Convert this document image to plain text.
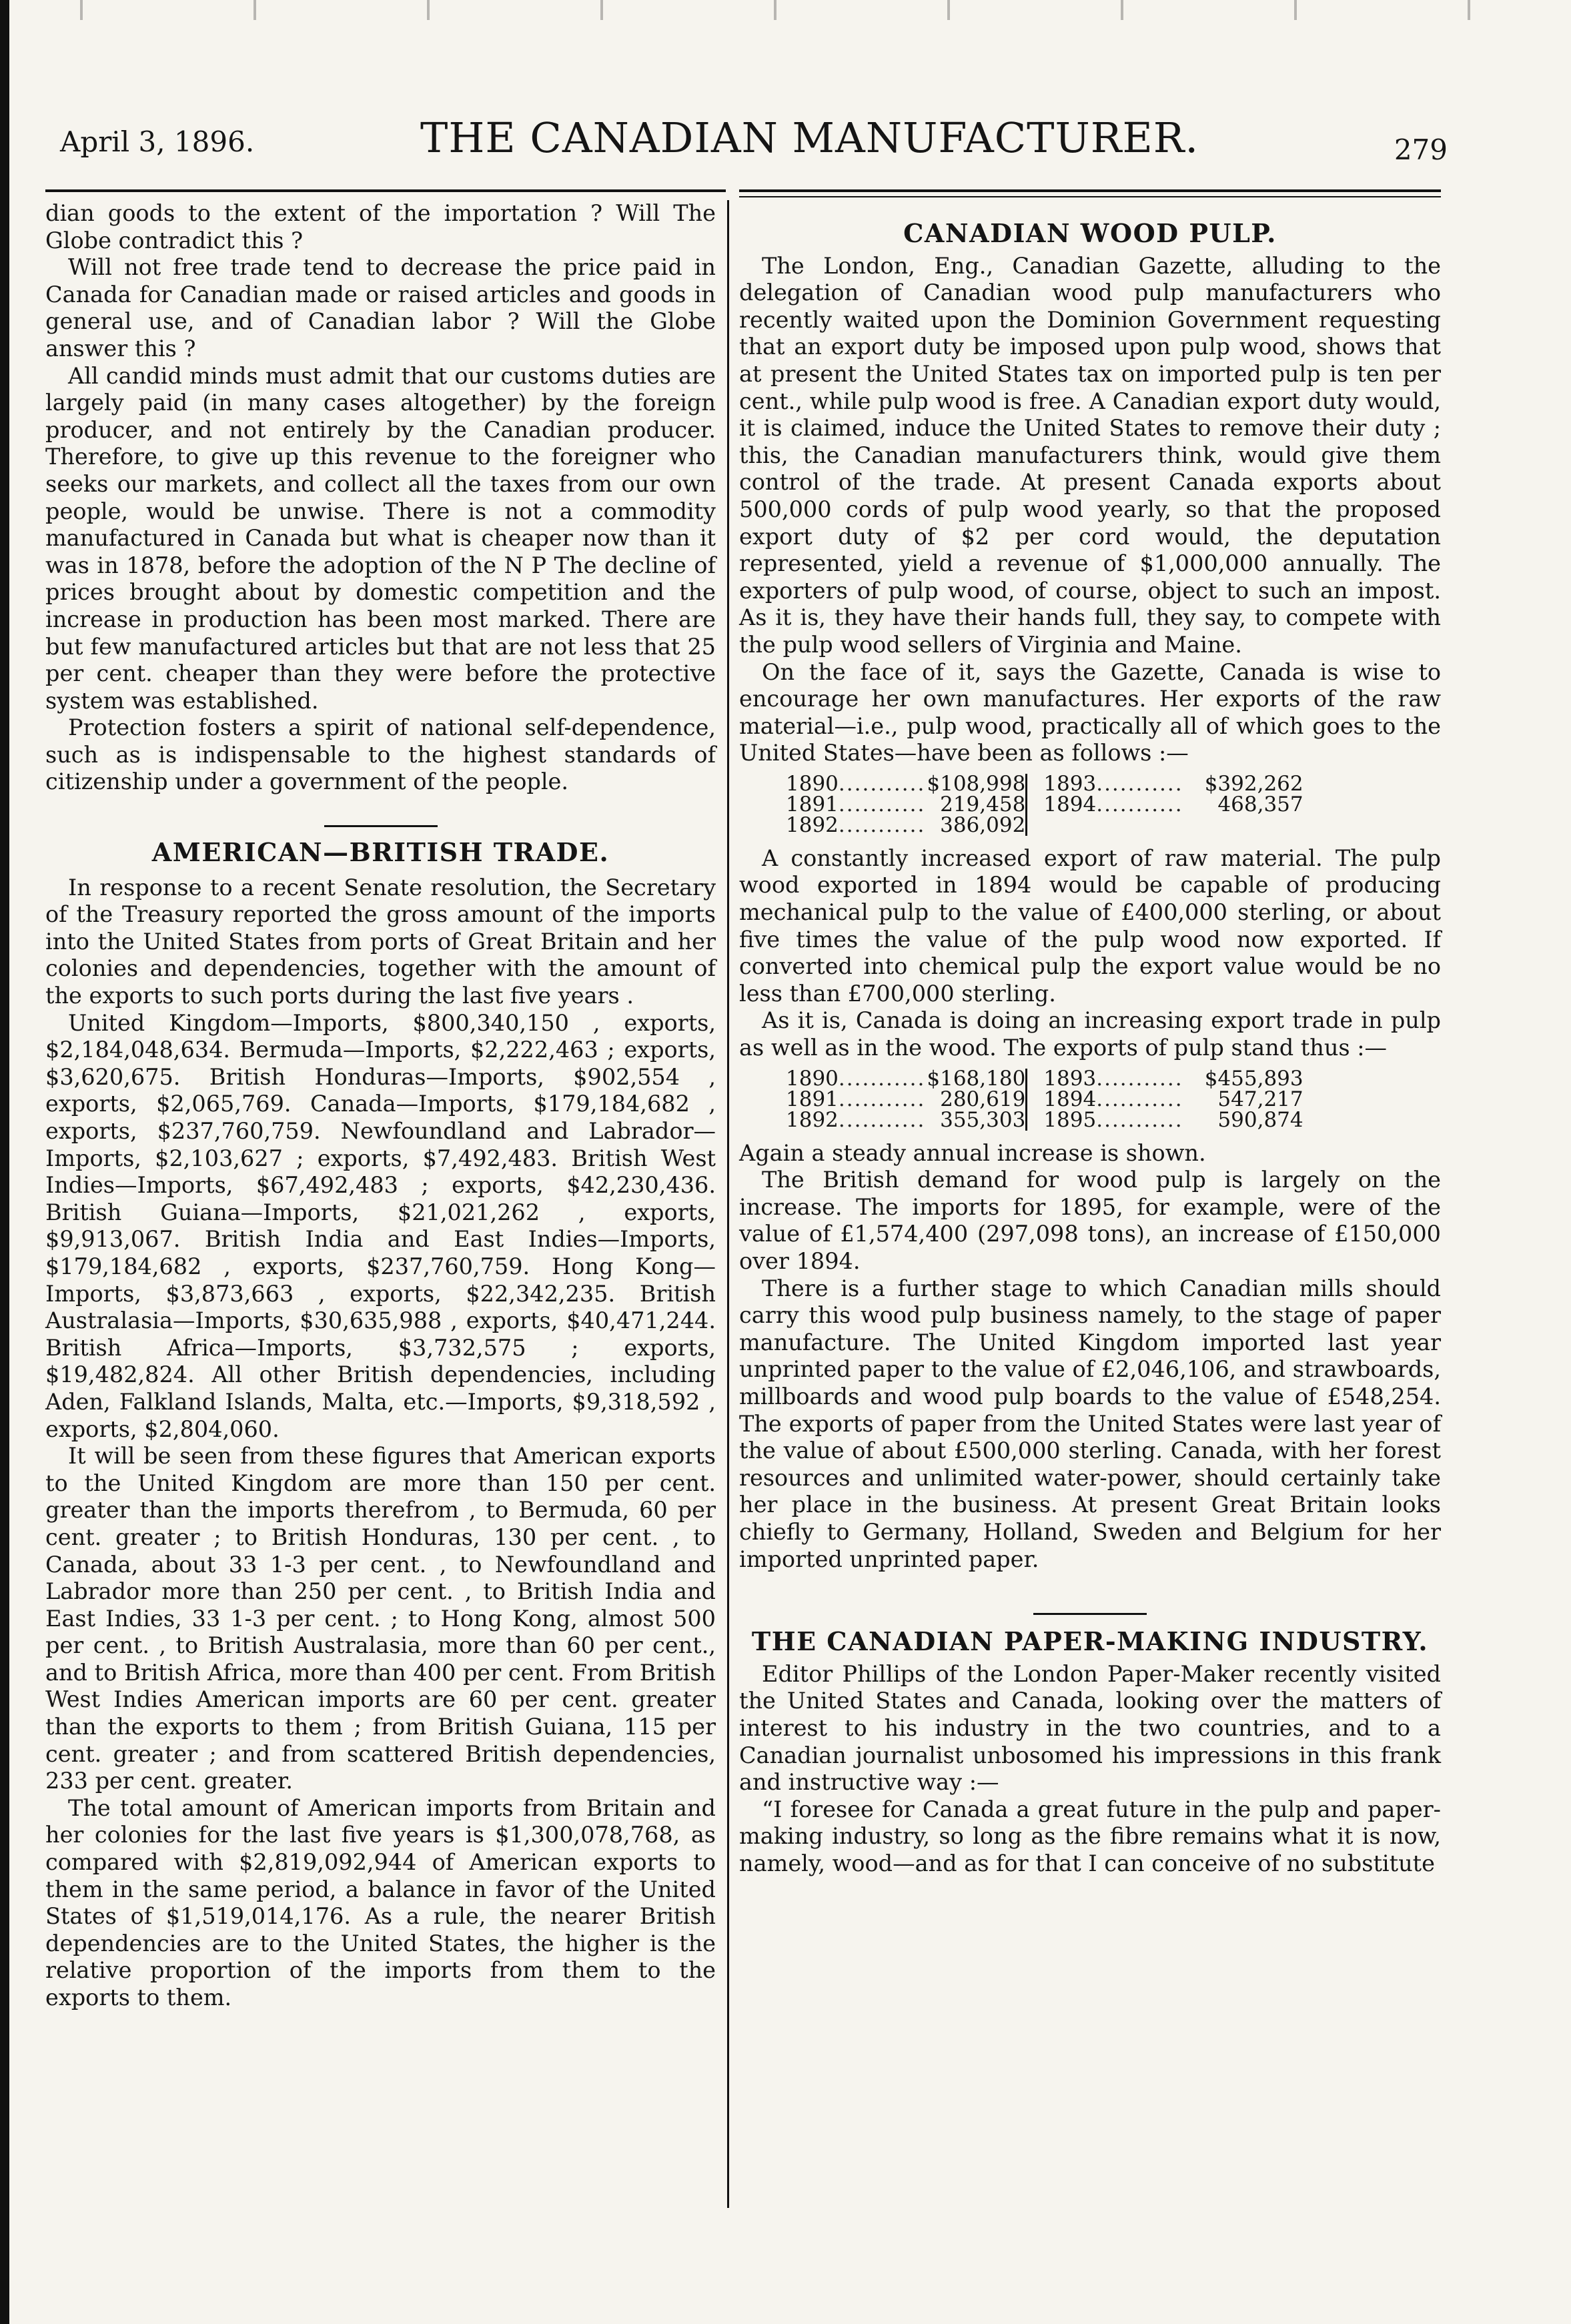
April 3, 1896.	THE CANADIAN MANUFACTURER.	279

dian goods to the extent of the importation ? Will The Globe contradict this ?

Will not free trade tend to decrease the price paid in Canada for Canadian made or raised articles and goods in general use, and of Canadian labor ? Will the Globe answer this ?

All candid minds must admit that our customs duties are largely paid (in many cases altogether) by the foreign producer, and not entirely by the Canadian producer. Therefore, to give up this revenue to the foreigner who seeks our markets, and collect all the taxes from our own people, would be unwise. There is not a commodity manufactured in Canada but what is cheaper now than it was in 1878, before the adoption of the N P The decline of prices brought about by domestic competition and the increase in production has been most marked. There are but few manufactured articles but that are not less that 25 per cent. cheaper than they were before the protective system was established.

Protection fosters a spirit of national self-dependence, such as is indispensable to the highest standards of citizenship under a government of the people.

AMERICAN—BRITISH TRADE.

In response to a recent Senate resolution, the Secretary of the Treasury reported the gross amount of the imports into the United States from ports of Great Britain and her colonies and dependencies, together with the amount of the exports to such ports during the last five years .

United Kingdom—Imports, $800,340,150 , exports, $2,184,048,634. Bermuda—Imports, $2,222,463 ; exports, $3,620,675. British Honduras—Imports, $902,554 , exports, $2,065,769. Canada—Imports, $179,184,682 , exports, $237,760,759. Newfoundland and Labrador—Imports, $2,103,627 ; exports, $7,492,483. British West Indies—Imports, $67,492,483 ; exports, $42,230,436. British Guiana—Imports, $21,021,262 , exports, $9,913,067. British India and East Indies—Imports, $179,184,682 , exports, $237,760,759. Hong Kong—Imports, $3,873,663 , exports, $22,342,235. British Australasia—Imports, $30,635,988 , exports, $40,471,244. British Africa—Imports, $3,732,575 ; exports, $19,482,824. All other British dependencies, including Aden, Falkland Islands, Malta, etc.—Imports, $9,318,592 , exports, $2,804,060.

It will be seen from these figures that American exports to the United Kingdom are more than 150 per cent. greater than the imports therefrom , to Bermuda, 60 per cent. greater ; to British Honduras, 130 per cent. , to Canada, about 33 1-3 per cent. , to Newfoundland and Labrador more than 250 per cent. , to British India and East Indies, 33 1-3 per cent. ; to Hong Kong, almost 500 per cent. , to British Australasia, more than 60 per cent., and to British Africa, more than 400 per cent. From British West Indies American imports are 60 per cent. greater than the exports to them ; from British Guiana, 115 per cent. greater ; and from scattered British dependencies, 233 per cent. greater.

The total amount of American imports from Britain and her colonies for the last five years is $1,300,078,768, as compared with $2,819,092,944 of American exports to them in the same period, a balance in favor of the United States of $1,519,014,176. As a rule, the nearer British dependencies are to the United States, the higher is the relative proportion of the imports from them to the exports to them.

CANADIAN WOOD PULP.

The London, Eng., Canadian Gazette, alluding to the delegation of Canadian wood pulp manufacturers who recently waited upon the Dominion Government requesting that an export duty be imposed upon pulp wood, shows that at present the United States tax on imported pulp is ten per cent., while pulp wood is free. A Canadian export duty would, it is claimed, induce the United States to remove their duty ; this, the Canadian manufacturers think, would give them control of the trade. At present Canada exports about 500,000 cords of pulp wood yearly, so that the proposed export duty of $2 per cord would, the deputation represented, yield a revenue of $1,000,000 annually. The exporters of pulp wood, of course, object to such an impost. As it is, they have their hands full, they say, to compete with the pulp wood sellers of Virginia and Maine.

On the face of it, says the Gazette, Canada is wise to encourage her own manufactures. Her exports of the raw material—i.e., pulp wood, practically all of which goes to the United States—have been as follows :—

1890	...........	$108,998		1893	...........	$392,262
1891	...........	219,458		1894	...........	468,357
1892	...........	386,092				

A constantly increased export of raw material. The pulp wood exported in 1894 would be capable of producing mechanical pulp to the value of £400,000 sterling, or about five times the value of the pulp wood now exported. If converted into chemical pulp the export value would be no less than £700,000 sterling.

As it is, Canada is doing an increasing export trade in pulp as well as in the wood. The exports of pulp stand thus :—

1890	...........	$168,180		1893	...........	$455,893
1891	...........	280,619		1894	...........	547,217
1892	...........	355,303		1895	...........	590,874

Again a steady annual increase is shown.

The British demand for wood pulp is largely on the increase. The imports for 1895, for example, were of the value of £1,574,400 (297,098 tons), an increase of £150,000 over 1894.

There is a further stage to which Canadian mills should carry this wood pulp business namely, to the stage of paper manufacture. The United Kingdom imported last year unprinted paper to the value of £2,046,106, and strawboards, millboards and wood pulp boards to the value of £548,254. The exports of paper from the United States were last year of the value of about £500,000 sterling. Canada, with her forest resources and unlimited water-power, should certainly take her place in the business. At present Great Britain looks chiefly to Germany, Holland, Sweden and Belgium for her imported unprinted paper.

THE CANADIAN PAPER-MAKING INDUSTRY.

Editor Phillips of the London Paper-Maker recently visited the United States and Canada, looking over the matters of interest to his industry in the two countries, and to a Canadian journalist unbosomed his impressions in this frank and instructive way :—

“I foresee for Canada a great future in the pulp and paper-making industry, so long as the fibre remains what it is now, namely, wood—and as for that I can conceive of no substitute
